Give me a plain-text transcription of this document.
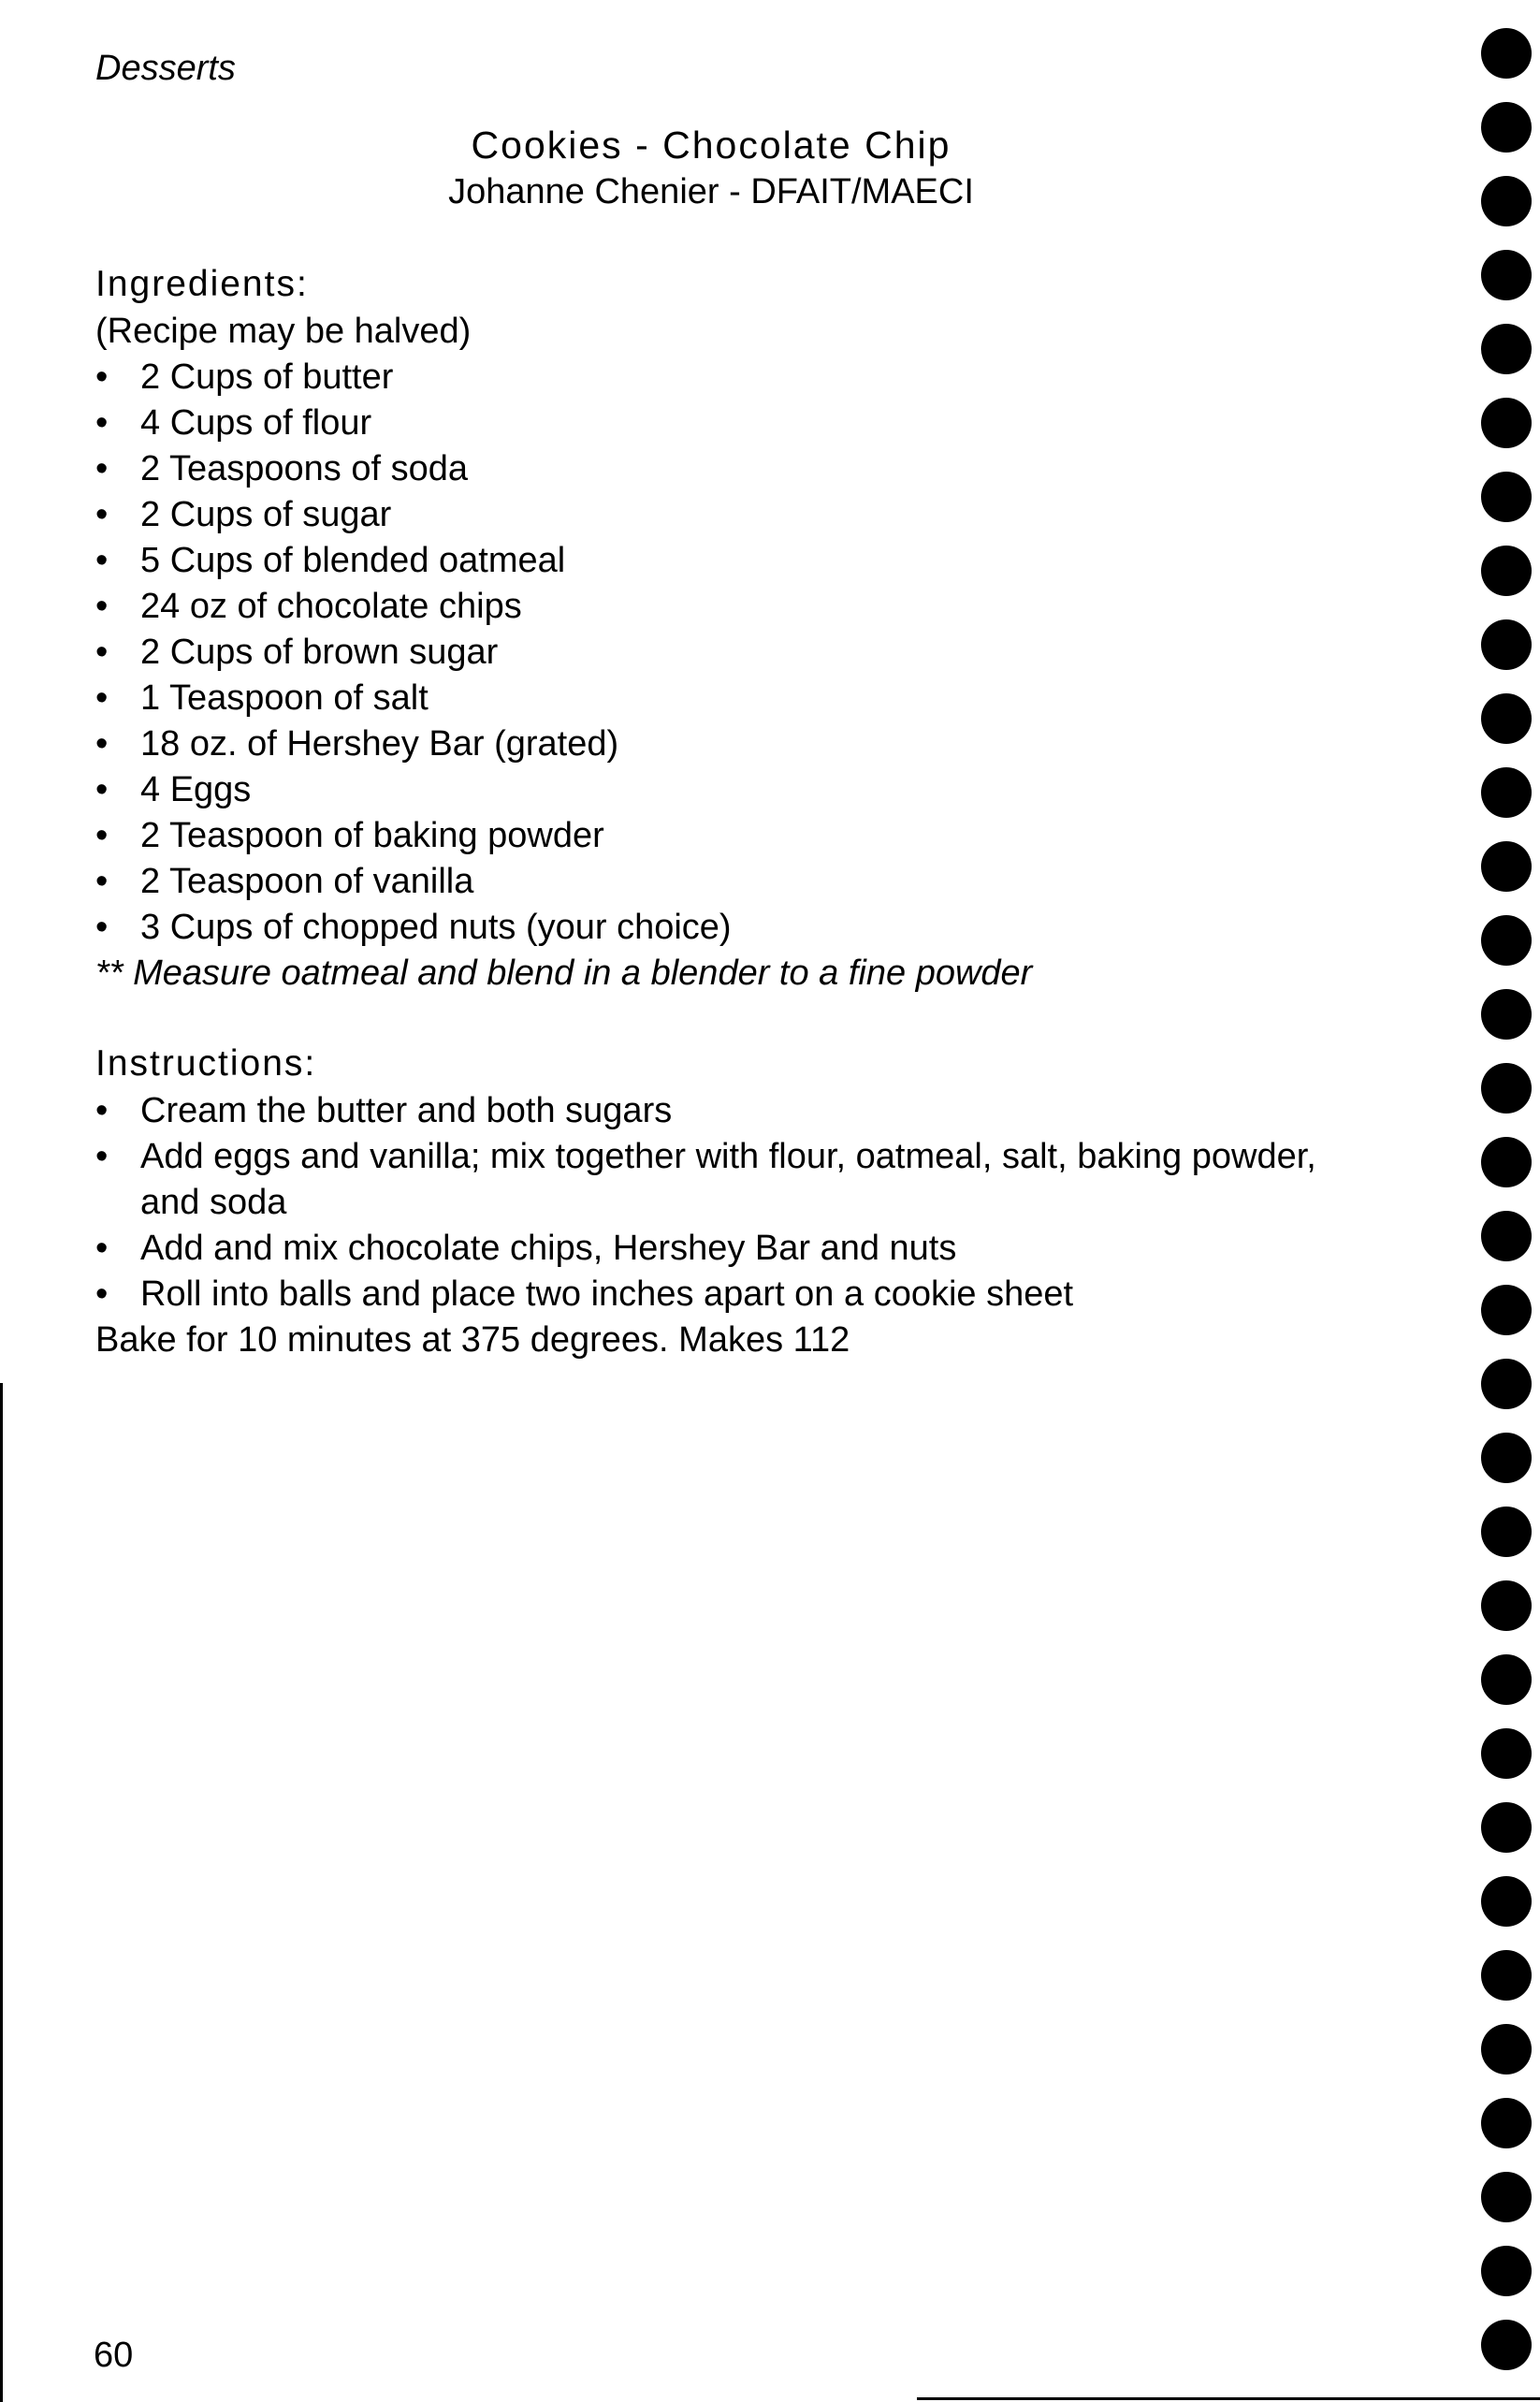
Desserts

Cookies - Chocolate Chip

Johanne Chenier - DFAIT/MAECI

Ingredients:

(Recipe may be halved)

• 2 Cups of butter
• 4 Cups of flour
• 2 Teaspoons of soda
• 2 Cups of sugar
• 5 Cups of blended oatmeal
• 24 oz of chocolate chips
• 2 Cups of brown sugar
• 1 Teaspoon of salt
• 18 oz. of Hershey Bar (grated)
• 4 Eggs
• 2 Teaspoon of baking powder
• 2 Teaspoon of vanilla
• 3 Cups of chopped nuts (your choice)

** Measure oatmeal and blend in a blender to a fine powder

Instructions:
• Cream the butter and both sugars
• Add eggs and vanilla; mix together with flour, oatmeal, salt, baking powder, and soda
• Add and mix chocolate chips, Hershey Bar and nuts
• Roll into balls and place two inches apart on a cookie sheet

Bake for 10 minutes at 375 degrees. Makes 112

60
